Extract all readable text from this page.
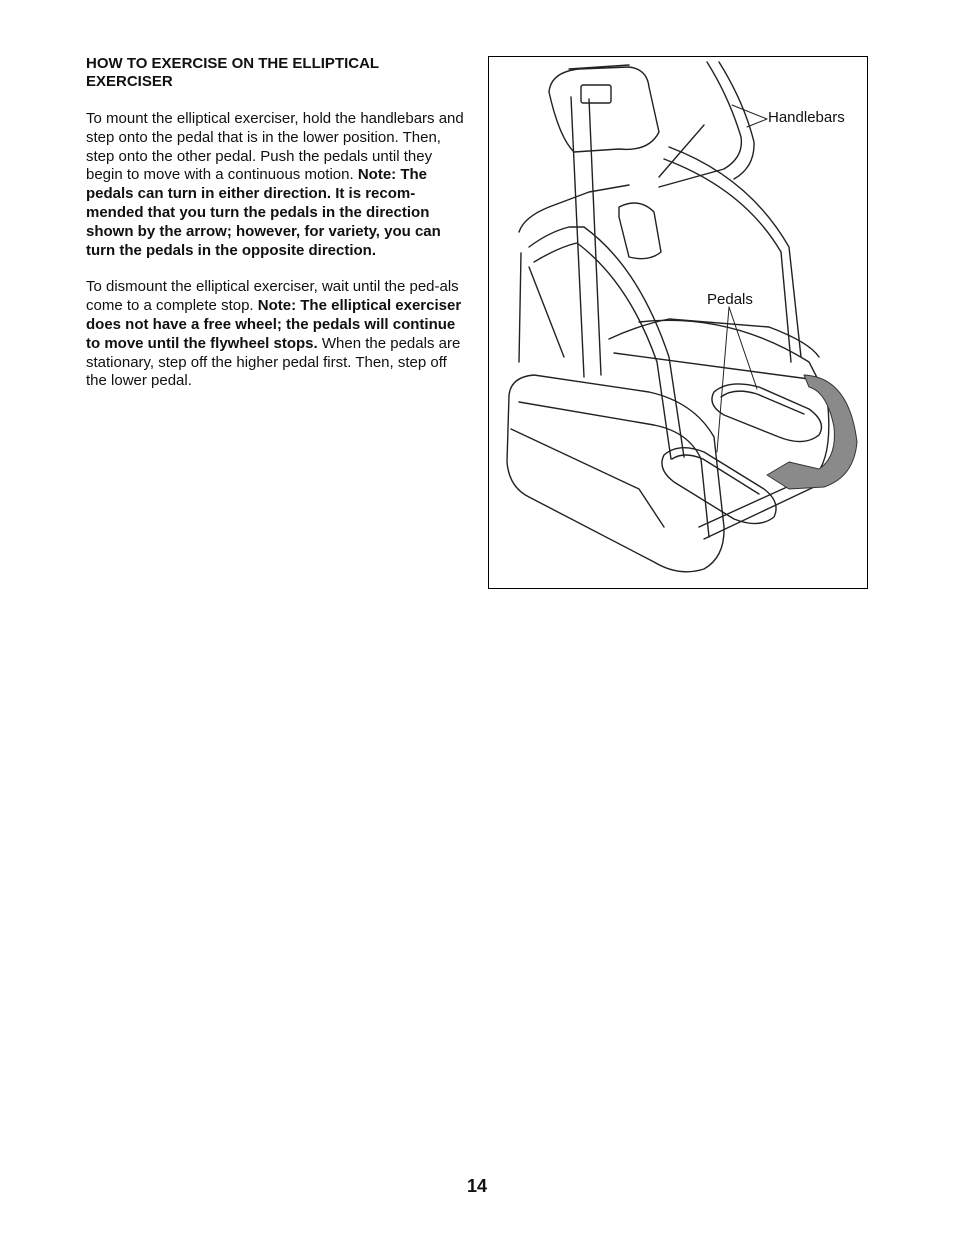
HOW TO EXERCISE ON THE ELLIPTICAL
EXERCISER

To mount the elliptical exerciser, hold the handlebars and step onto the pedal that is in the lower position. Then, step onto the other pedal. Push the pedals until they begin to move with a continuous motion. Note: The pedals can turn in either direction. It is recom-mended that you turn the pedals in the direction shown by the arrow; however, for variety, you can turn the pedals in the opposite direction.

To dismount the elliptical exerciser, wait until the ped-als come to a complete stop. Note: The elliptical exerciser does not have a free wheel; the pedals will continue to move until the flywheel stops. When the pedals are stationary, step off the higher pedal first. Then, step off the lower pedal.

Handlebars
Pedals
14
